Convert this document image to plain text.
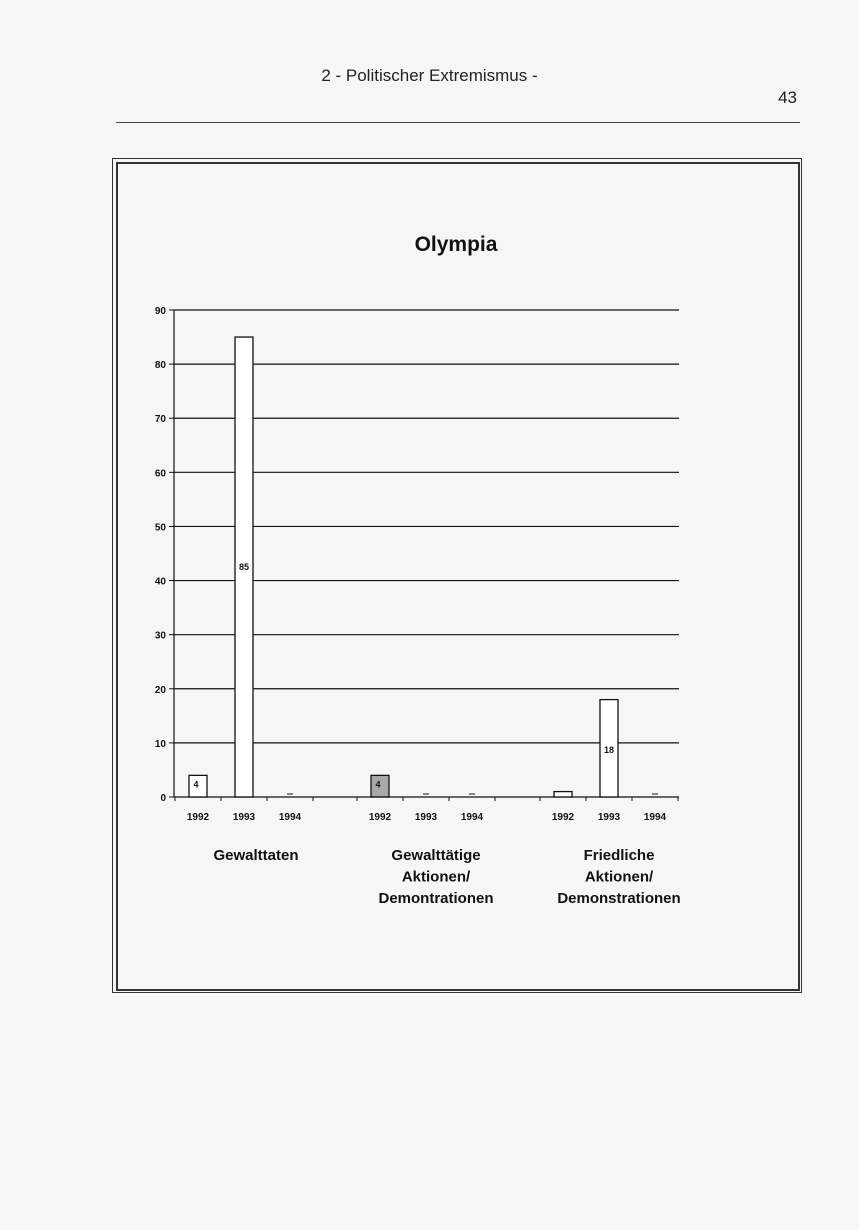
2 - Politischer Extremismus -
43
Olympia
0
10
20
30
40
50
60
70
80
90
4
85
4
18
1992 1993 1994
Gewalttaten
1992 1993 1994
Gewalttätige Aktionen/ Demontrationen
1992 1993 1994
Friedliche Aktionen/ Demonstrationen
